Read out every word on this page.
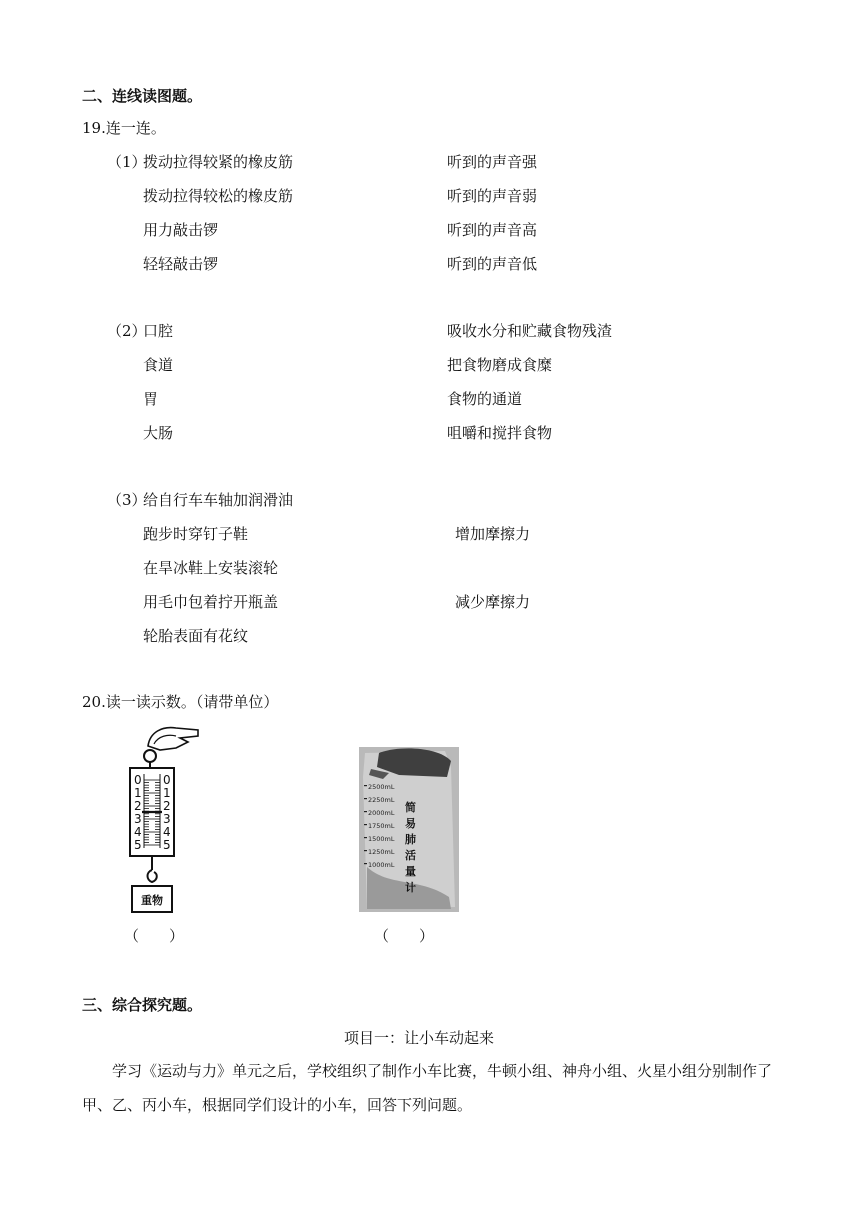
二、连线读图题。
19.连一连。
（1）
拨动拉得较紧的橡皮筋
拨动拉得较松的橡皮筋
用力敲击锣
轻轻敲击锣
听到的声音强
听到的声音弱
听到的声音高
听到的声音低
（2）
口腔
食道
胃
大肠
吸收水分和贮藏食物残渣
把食物磨成食糜
食物的通道
咀嚼和搅拌食物
（3）
给自行车车轴加润滑油
跑步时穿钉子鞋
在旱冰鞋上安装滚轮
用毛巾包着拧开瓶盖
轮胎表面有花纹
增加摩擦力
减少摩擦力
20.读一读示数。（请带单位）
0
1
2
3
4
5
0
1
2
3
4
5
重物
2500mL
2250mL
2000mL
1750mL
1500mL
1250mL
1000mL
简
易
肺
活
量
计
（　　）	（　　）
三、综合探究题。
项目一：让小车动起来
学习《运动与力》单元之后，学校组织了制作小车比赛，牛顿小组、神舟小组、火星小组分别制作了甲、乙、丙小车，根据同学们设计的小车，回答下列问题。
